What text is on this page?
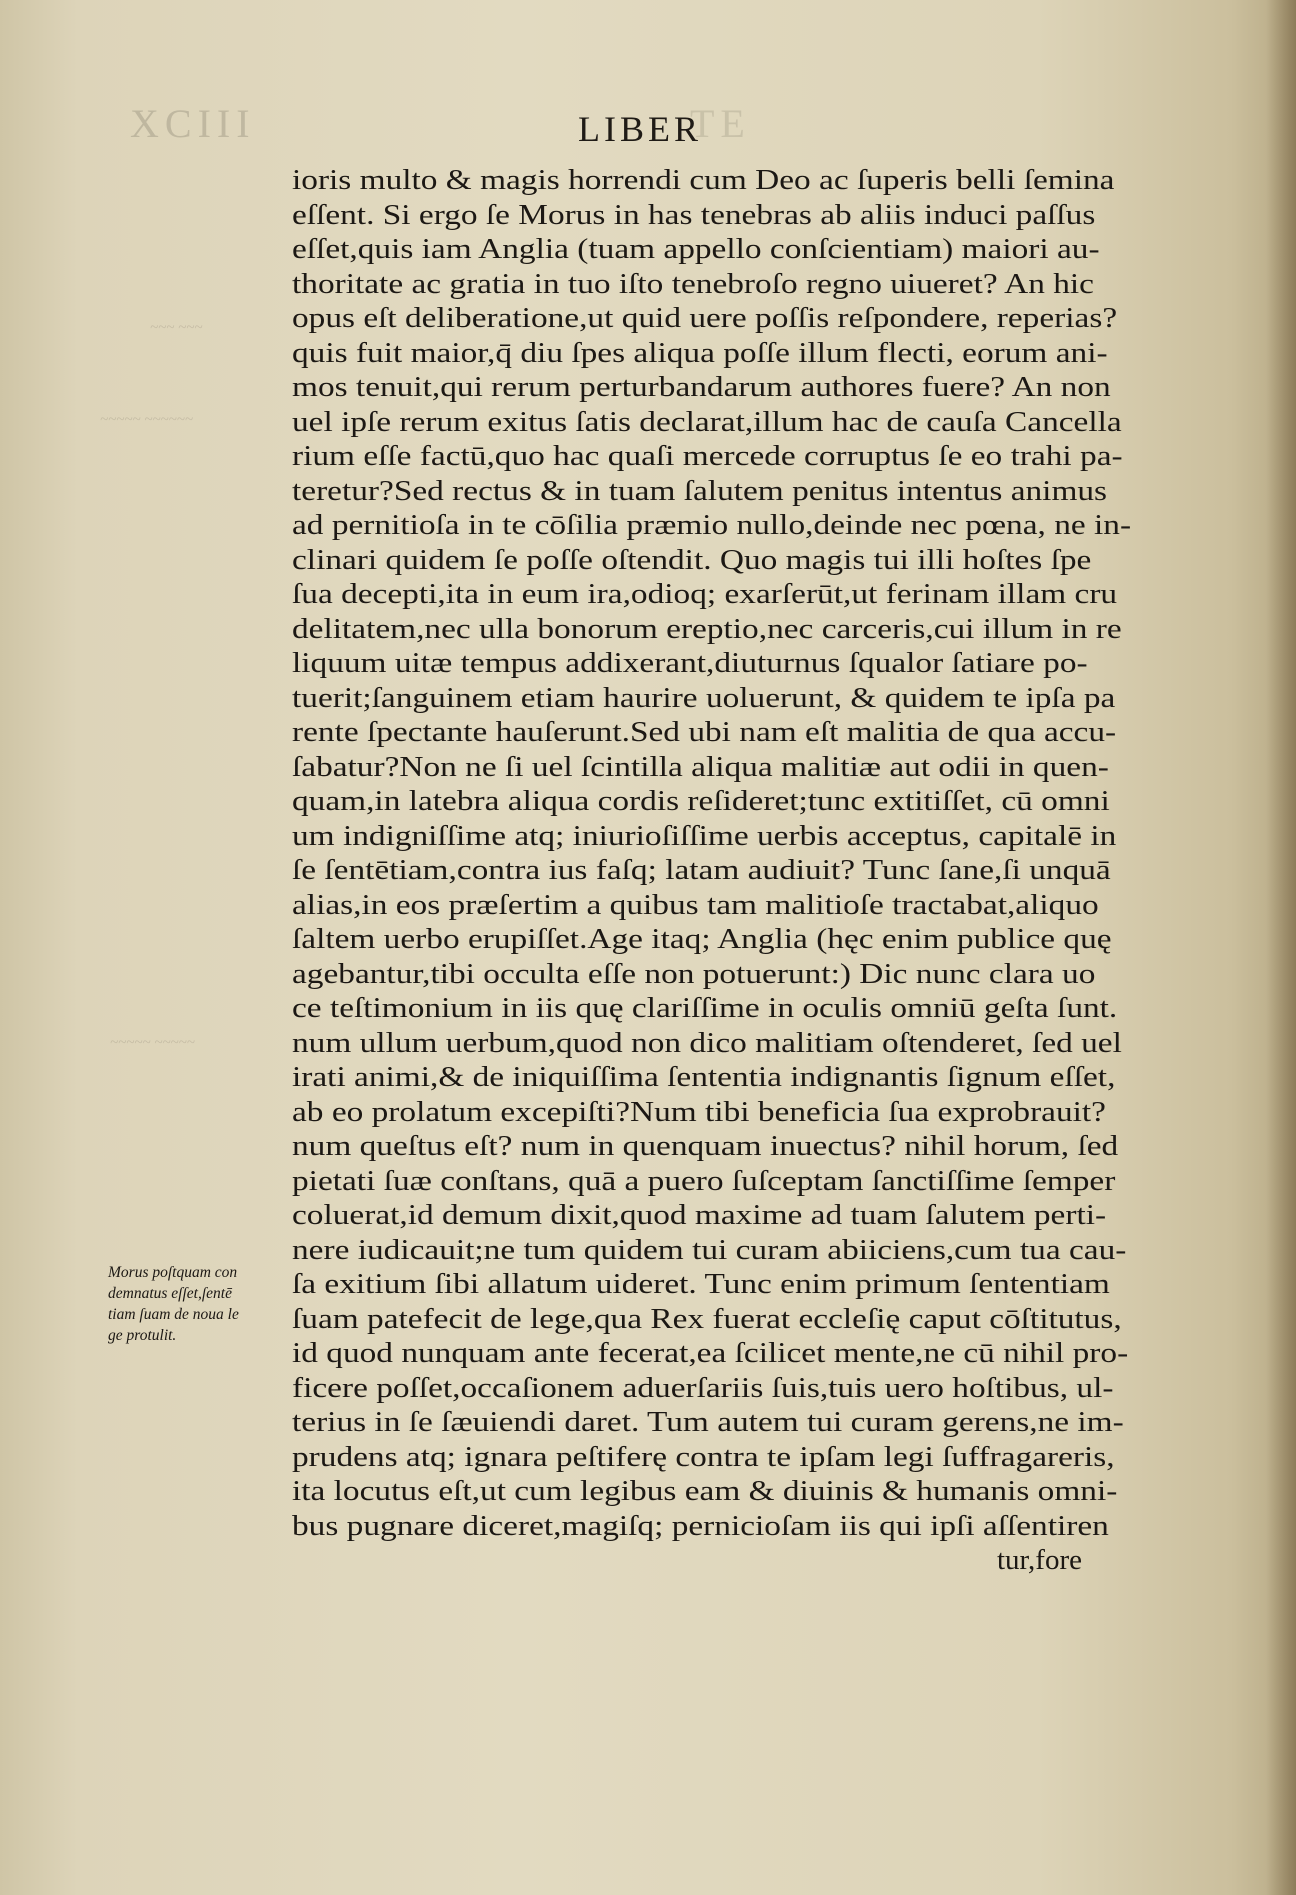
XCIII	TE
~~~ ~~~
~~~~~ ~~~~~~
~~~~~ ~~~~~
LIBER
ioris multo & magis horrendi cum Deo ac ſuperis belli ſemina
eſſent. Si ergo ſe Morus in has tenebras ab aliis induci paſſus
eſſet,quis iam Anglia (tuam appello conſcientiam) maiori au-
thoritate ac gratia in tuo iſto tenebroſo regno uiueret? An hic
opus eſt deliberatione,ut quid uere poſſis reſpondere, reperias?
quis fuit maior,q̄ diu ſpes aliqua poſſe illum flecti, eorum ani-
mos tenuit,qui rerum perturbandarum authores fuere? An non
uel ipſe rerum exitus ſatis declarat,illum hac de cauſa Cancella
rium eſſe factū,quo hac quaſi mercede corruptus ſe eo trahi pa-
teretur?Sed rectus & in tuam ſalutem penitus intentus animus
ad pernitioſa in te cōſilia præmio nullo,deinde nec pœna, ne in-
clinari quidem ſe poſſe oſtendit. Quo magis tui illi hoſtes ſpe
ſua decepti,ita in eum ira,odioq; exarſerūt,ut ferinam illam cru
delitatem,nec ulla bonorum ereptio,nec carceris,cui illum in re
liquum uitæ tempus addixerant,diuturnus ſqualor ſatiare po-
tuerit;ſanguinem etiam haurire uoluerunt, & quidem te ipſa pa
rente ſpectante hauſerunt.Sed ubi nam eſt malitia de qua accu-
ſabatur?Non ne ſi uel ſcintilla aliqua malitiæ aut odii in quen-
quam,in latebra aliqua cordis reſideret;tunc extitiſſet, cū omni
um indigniſſime atq; iniurioſiſſime uerbis acceptus, capitalē in
ſe ſentētiam,contra ius faſq; latam audiuit? Tunc ſane,ſi unquā
alias,in eos præſertim a quibus tam malitioſe tractabat,aliquo
ſaltem uerbo erupiſſet.Age itaq; Anglia (hęc enim publice quę
agebantur,tibi occulta eſſe non potuerunt:) Dic nunc clara uo
ce teſtimonium in iis quę clariſſime in oculis omniū geſta ſunt.
num ullum uerbum,quod non dico malitiam oſtenderet, ſed uel
irati animi,& de iniquiſſima ſententia indignantis ſignum eſſet,
ab eo prolatum excepiſti?Num tibi beneficia ſua exprobrauit?
num queſtus eſt? num in quenquam inuectus? nihil horum, ſed
pietati ſuæ conſtans, quā a puero ſuſceptam ſanctiſſime ſemper
coluerat,id demum dixit,quod maxime ad tuam ſalutem perti-
nere iudicauit;ne tum quidem tui curam abiiciens,cum tua cau-
ſa exitium ſibi allatum uideret. Tunc enim primum ſententiam
ſuam patefecit de lege,qua Rex fuerat eccleſię caput cōſtitutus,
id quod nunquam ante fecerat,ea ſcilicet mente,ne cū nihil pro-
ficere poſſet,occaſionem aduerſariis ſuis,tuis uero hoſtibus, ul-
terius in ſe ſæuiendi daret. Tum autem tui curam gerens,ne im-
prudens atq; ignara peſtiferę contra te ipſam legi ſuffragareris,
ita locutus eſt,ut cum legibus eam & diuinis & humanis omni-
bus pugnare diceret,magiſq; pernicioſam iis qui ipſi aſſentiren
tur,fore
Morus poſtquam con
demnatus eſſet,ſentē
tiam ſuam de noua le
ge protulit.
